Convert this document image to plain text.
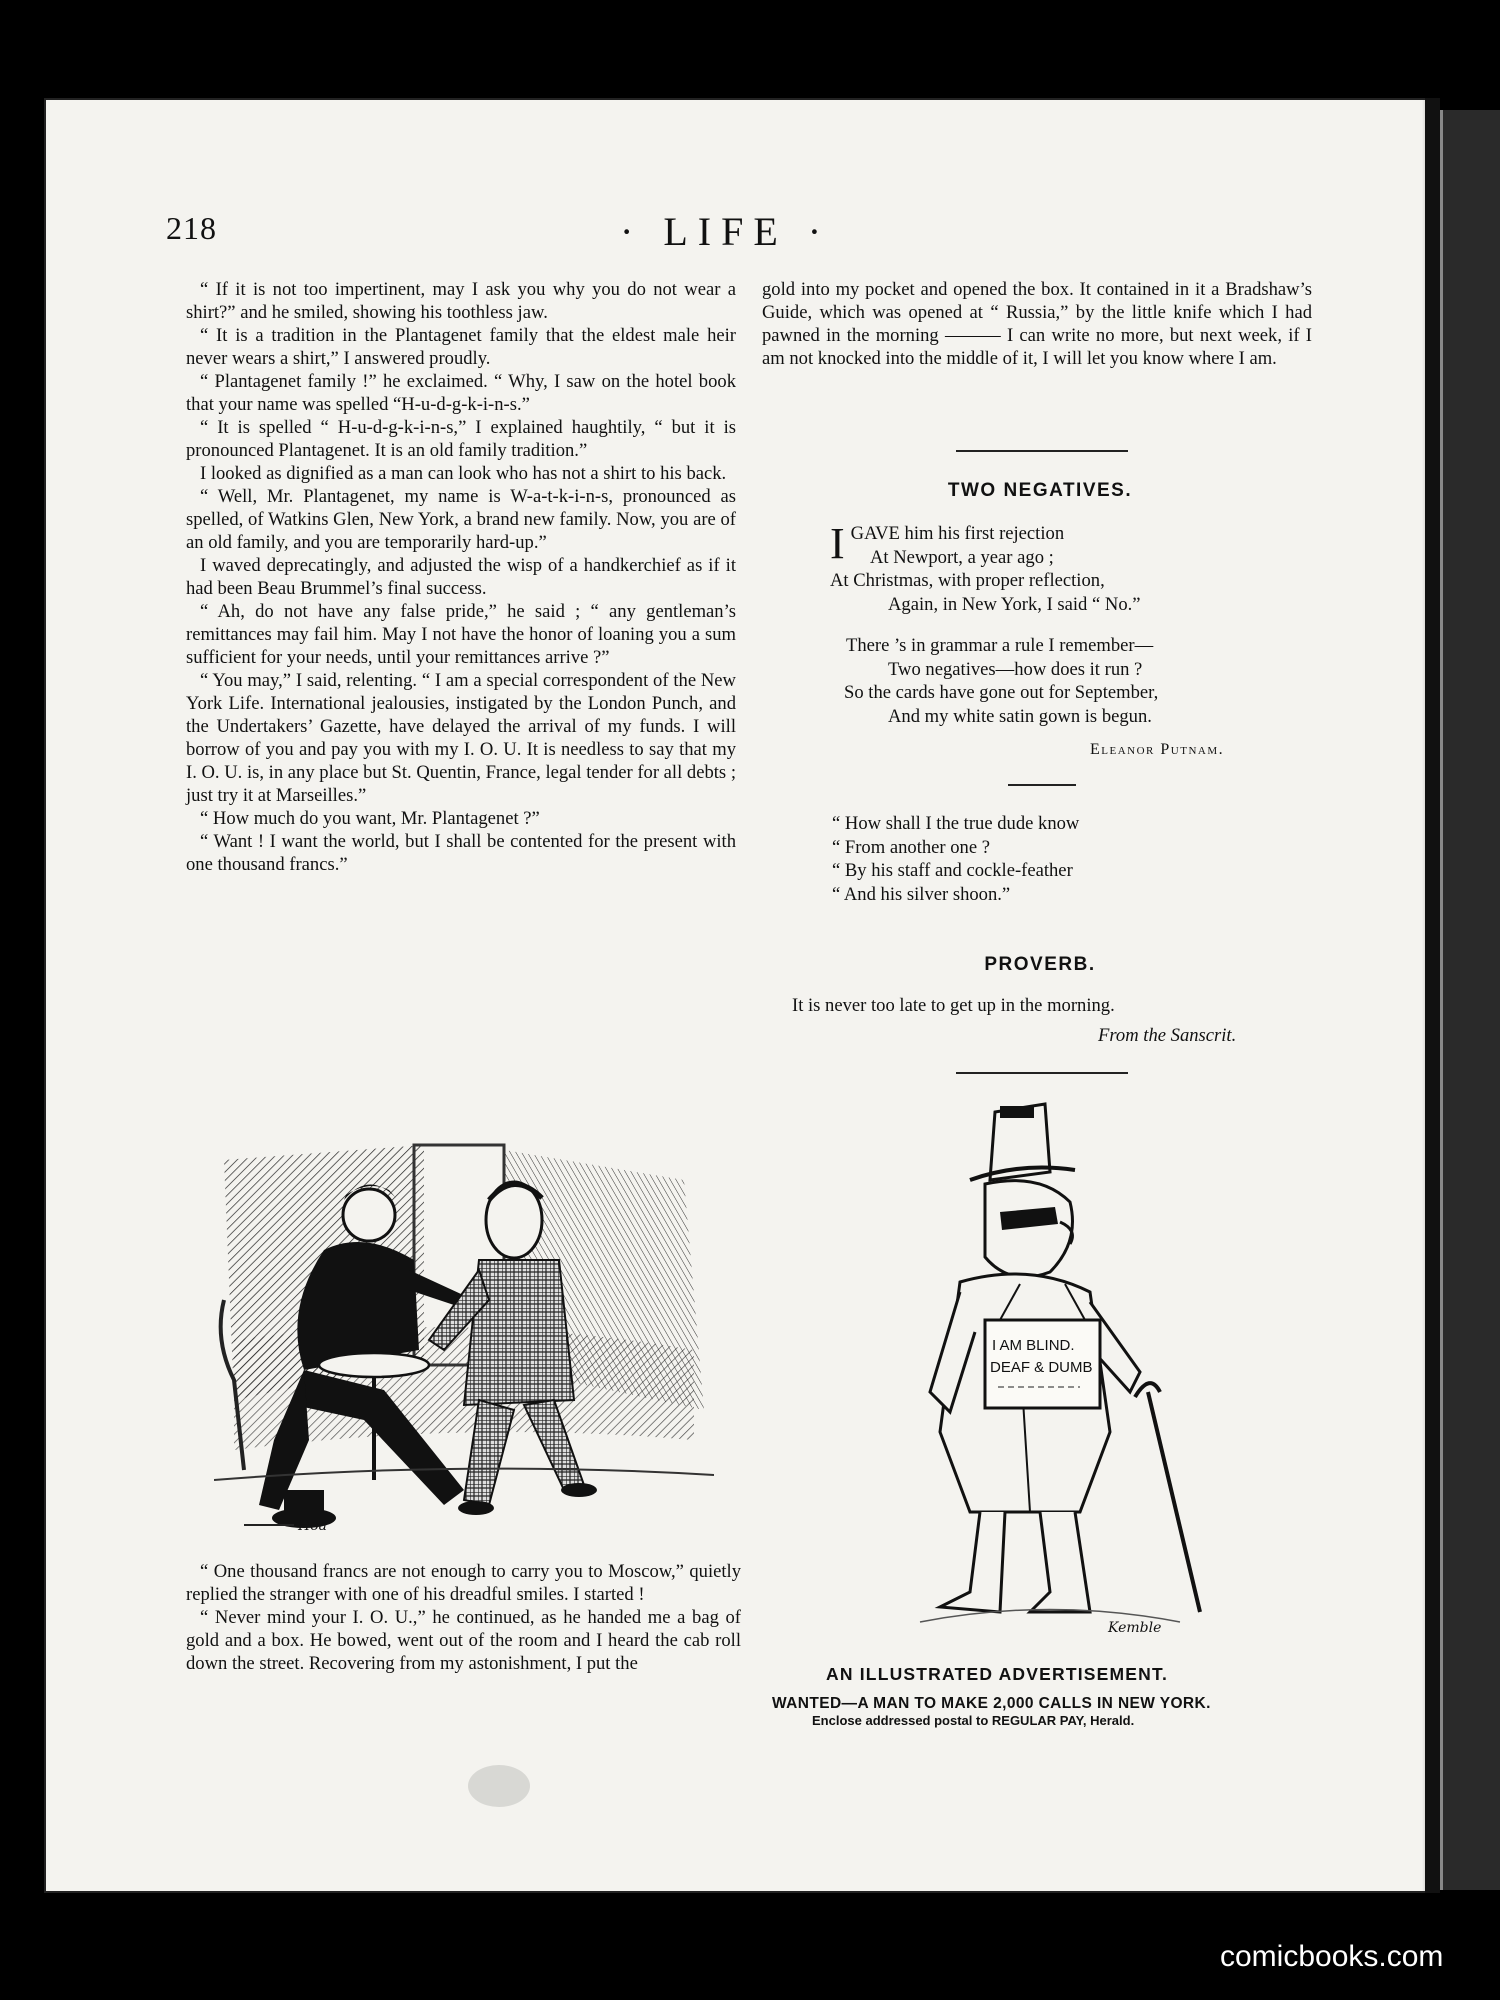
218	· LIFE ·

“ If it is not too impertinent, may I ask you why you do not wear a shirt?” and he smiled, showing his toothless jaw.

“ It is a tradition in the Plantagenet family that the eldest male heir never wears a shirt,” I answered proudly.

“ Plantagenet family !” he exclaimed. “ Why, I saw on the hotel book that your name was spelled “H-u-d-g-k-i-n-s.”

“ It is spelled “ H-u-d-g-k-i-n-s,” I explained haughtily, “ but it is pronounced Plantagenet. It is an old family tradition.”

I looked as dignified as a man can look who has not a shirt to his back.

“ Well, Mr. Plantagenet, my name is W-a-t-k-i-n-s, pronounced as spelled, of Watkins Glen, New York, a brand new family. Now, you are of an old family, and you are temporarily hard-up.”

I waved deprecatingly, and adjusted the wisp of a handkerchief as if it had been Beau Brummel’s final success.

“ Ah, do not have any false pride,” he said ; “ any gentleman’s remittances may fail him. May I not have the honor of loaning you a sum sufficient for your needs, until your remittances arrive ?”

“ You may,” I said, relenting. “ I am a special correspondent of the New York Life. International jealousies, instigated by the London Punch, and the Undertakers’ Gazette, have delayed the arrival of my funds. I will borrow of you and pay you with my I. O. U. It is needless to say that my I. O. U. is, in any place but St. Quentin, France, legal tender for all debts ; just try it at Marseilles.”

“ How much do you want, Mr. Plantagenet ?”

“ Want ! I want the world, but I shall be contented for the present with one thousand francs.”

Hoa

“ One thousand francs are not enough to carry you to Moscow,” quietly replied the stranger with one of his dreadful smiles. I started !

“ Never mind your I. O. U.,” he continued, as he handed me a bag of gold and a box. He bowed, went out of the room and I heard the cab roll down the street. Recovering from my astonishment, I put the

gold into my pocket and opened the box. It contained in it a Bradshaw’s Guide, which was opened at “ Russia,” by the little knife which I had pawned in the morning ——— I can write no more, but next week, if I am not knocked into the middle of it, I will let you know where I am.

TWO NEGATIVES.
I GAVE him his first rejection
At Newport, a year ago ;
At Christmas, with proper reflection,
Again, in New York, I said “ No.”
There ’s in grammar a rule I remember—
Two negatives—how does it run ?
So the cards have gone out for September,
And my white satin gown is begun.
Eleanor Putnam.
“ How shall I the true dude know
“ From another one ?
“ By his staff and cockle-feather
“ And his silver shoon.”
PROVERB.
It is never too late to get up in the morning.
From the Sanscrit.
I AM BLIND.
DEAF & DUMB
Kemble
AN ILLUSTRATED ADVERTISEMENT.
WANTED—A MAN TO MAKE 2,000 CALLS IN NEW YORK.
Enclose addressed postal to REGULAR PAY, Herald.
comicbooks.com
